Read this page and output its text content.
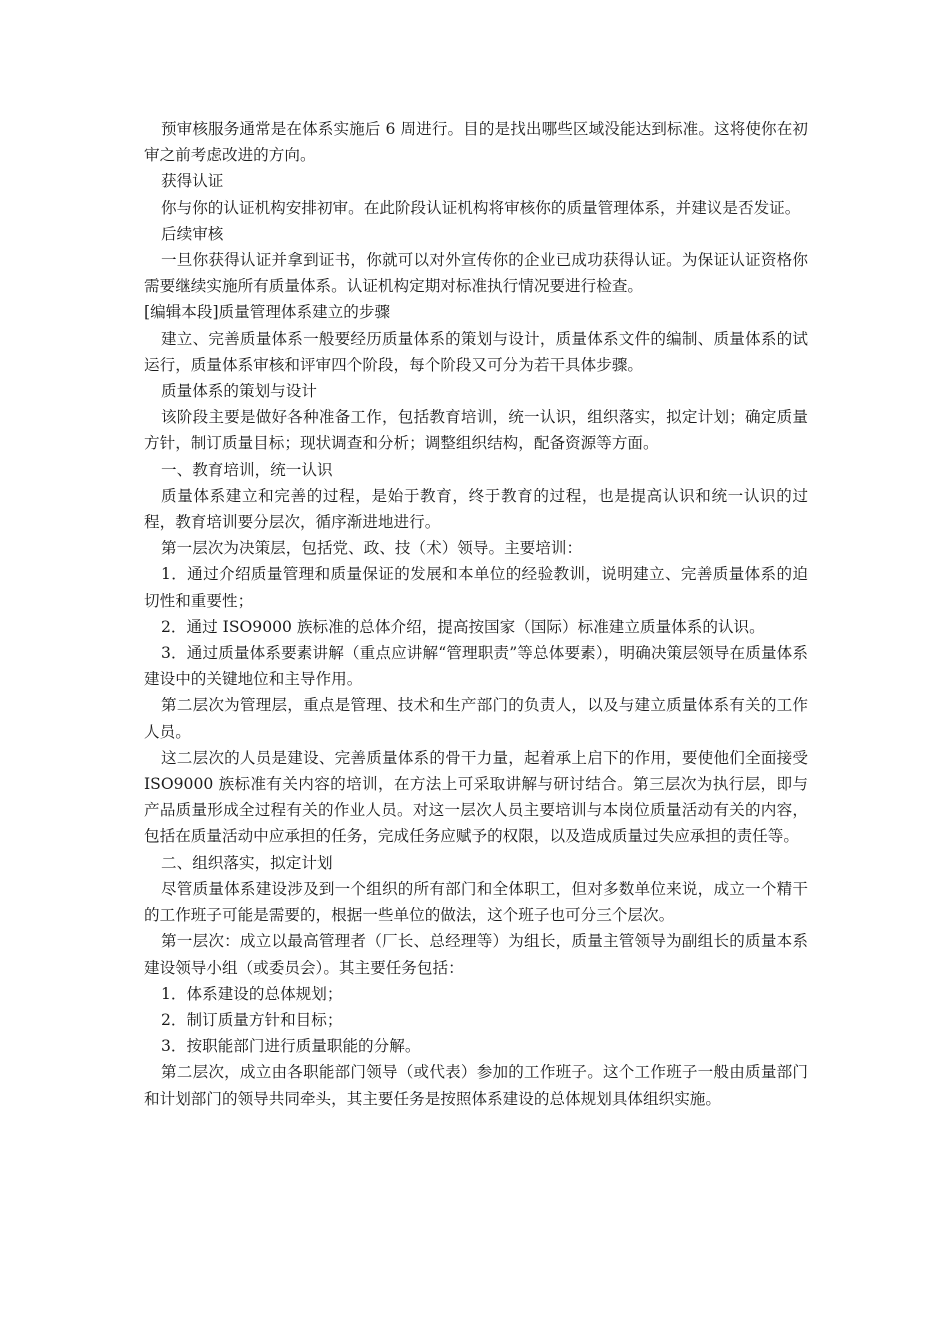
预审核服务通常是在体系实施后 6 周进行。目的是找出哪些区域没能达到标准。这将使你在初审之前考虑改进的方向。

获得认证

你与你的认证机构安排初审。在此阶段认证机构将审核你的质量管理体系，并建议是否发证。

后续审核

一旦你获得认证并拿到证书，你就可以对外宣传你的企业已成功获得认证。为保证认证资格你需要继续实施所有质量体系。认证机构定期对标准执行情况要进行检查。

[编辑本段]质量管理体系建立的步骤

建立、完善质量体系一般要经历质量体系的策划与设计，质量体系文件的编制、质量体系的试运行，质量体系审核和评审四个阶段，每个阶段又可分为若干具体步骤。

质量体系的策划与设计

该阶段主要是做好各种准备工作，包括教育培训，统一认识，组织落实，拟定计划；确定质量方针，制订质量目标；现状调查和分析；调整组织结构，配备资源等方面。

一、教育培训，统一认识

质量体系建立和完善的过程，是始于教育，终于教育的过程，也是提高认识和统一认识的过程，教育培训要分层次，循序渐进地进行。

第一层次为决策层，包括党、政、技（术）领导。主要培训：

1．通过介绍质量管理和质量保证的发展和本单位的经验教训，说明建立、完善质量体系的迫切性和重要性；

2．通过 ISO9000 族标准的总体介绍，提高按国家（国际）标准建立质量体系的认识。

3．通过质量体系要素讲解（重点应讲解“管理职责”等总体要素），明确决策层领导在质量体系建设中的关键地位和主导作用。

第二层次为管理层，重点是管理、技术和生产部门的负责人，以及与建立质量体系有关的工作人员。

这二层次的人员是建设、完善质量体系的骨干力量，起着承上启下的作用，要使他们全面接受 ISO9000 族标准有关内容的培训，在方法上可采取讲解与研讨结合。第三层次为执行层，即与产品质量形成全过程有关的作业人员。对这一层次人员主要培训与本岗位质量活动有关的内容，包括在质量活动中应承担的任务，完成任务应赋予的权限，以及造成质量过失应承担的责任等。

二、组织落实，拟定计划

尽管质量体系建设涉及到一个组织的所有部门和全体职工，但对多数单位来说，成立一个精干的工作班子可能是需要的，根据一些单位的做法，这个班子也可分三个层次。

第一层次：成立以最高管理者（厂长、总经理等）为组长，质量主管领导为副组长的质量本系建设领导小组（或委员会）。其主要任务包括：

1．体系建设的总体规划；

2．制订质量方针和目标；

3．按职能部门进行质量职能的分解。

第二层次，成立由各职能部门领导（或代表）参加的工作班子。这个工作班子一般由质量部门和计划部门的领导共同牵头，其主要任务是按照体系建设的总体规划具体组织实施。
